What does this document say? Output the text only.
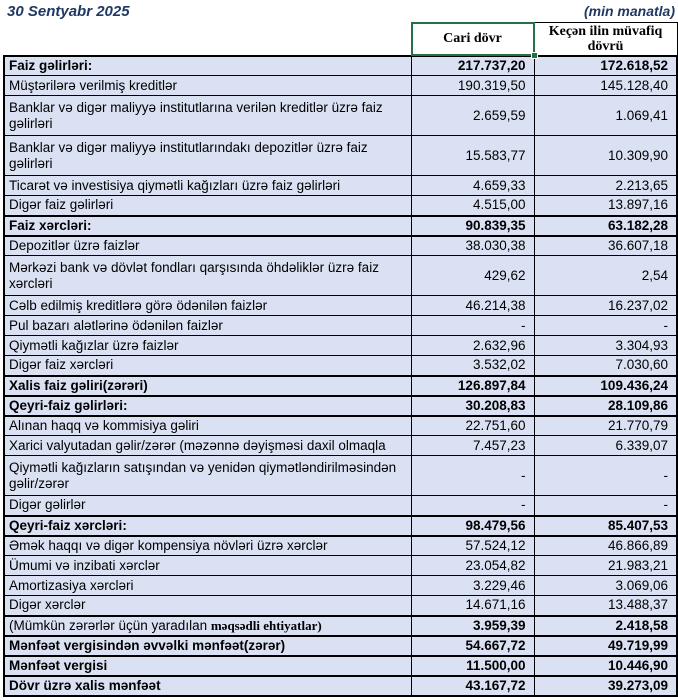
30 Sentyabr 2025	(min manatla)
	Cari dövr	Keçən ilin müvafiq dövrü
Faiz gəlirləri:	217.737,20	172.618,52
Müştərilərə verilmiş kreditlər	190.319,50	145.128,40
Banklar və digər maliyyə institutlarına verilən kreditlər üzrə faiz gəlirləri	2.659,59	1.069,41
Banklar və digər maliyyə institutlarındakı depozitlər üzrə faiz gəlirləri	15.583,77	10.309,90
Ticarət və investisiya qiymətli kağızları üzrə faiz gəlirləri	4.659,33	2.213,65
Digər faiz gəlirləri	4.515,00	13.897,16
Faiz xərcləri:	90.839,35	63.182,28
Depozitlər üzrə faizlər	38.030,38	36.607,18
Mərkəzi bank və dövlət fondları qarşısında öhdəliklər üzrə faiz xərcləri	429,62	2,54
Cəlb edilmiş kreditlərə görə ödənilən faizlər	46.214,38	16.237,02
Pul bazarı alətlərinə ödənilən faizlər	-	-
Qiymətli kağızlar üzrə faizlər	2.632,96	3.304,93
Digər faiz xərcləri	3.532,02	7.030,60
Xalis faiz gəliri(zərəri)	126.897,84	109.436,24
Qeyri-faiz gəlirləri:	30.208,83	28.109,86
Alınan haqq və kommisiya gəliri	22.751,60	21.770,79
Xarici valyutadan gəlir/zərər (məzənnə dəyişməsi daxil olmaqla	7.457,23	6.339,07
Qiymətli kağızların satışından və yenidən qiymətləndirilməsindən gəlir/zərər	-	-
Digər gəlirlər	-	-
Qeyri-faiz xərcləri:	98.479,56	85.407,53
Əmək haqqı və digər kompensiya növləri üzrə xərclər	57.524,12	46.866,89
Ümumi və inzibati xərclər	23.054,82	21.983,21
Amortizasiya xərcləri	3.229,46	3.069,06
Digər xərclər	14.671,16	13.488,37
(Mümkün zərərlər üçün yaradılan məqsədli ehtiyatlar)	3.959,39	2.418,58
Mənfəət vergisindən əvvəlki mənfəət(zərər)	54.667,72	49.719,99
Mənfəət vergisi	11.500,00	10.446,90
Dövr üzrə xalis mənfəət	43.167,72	39.273,09
